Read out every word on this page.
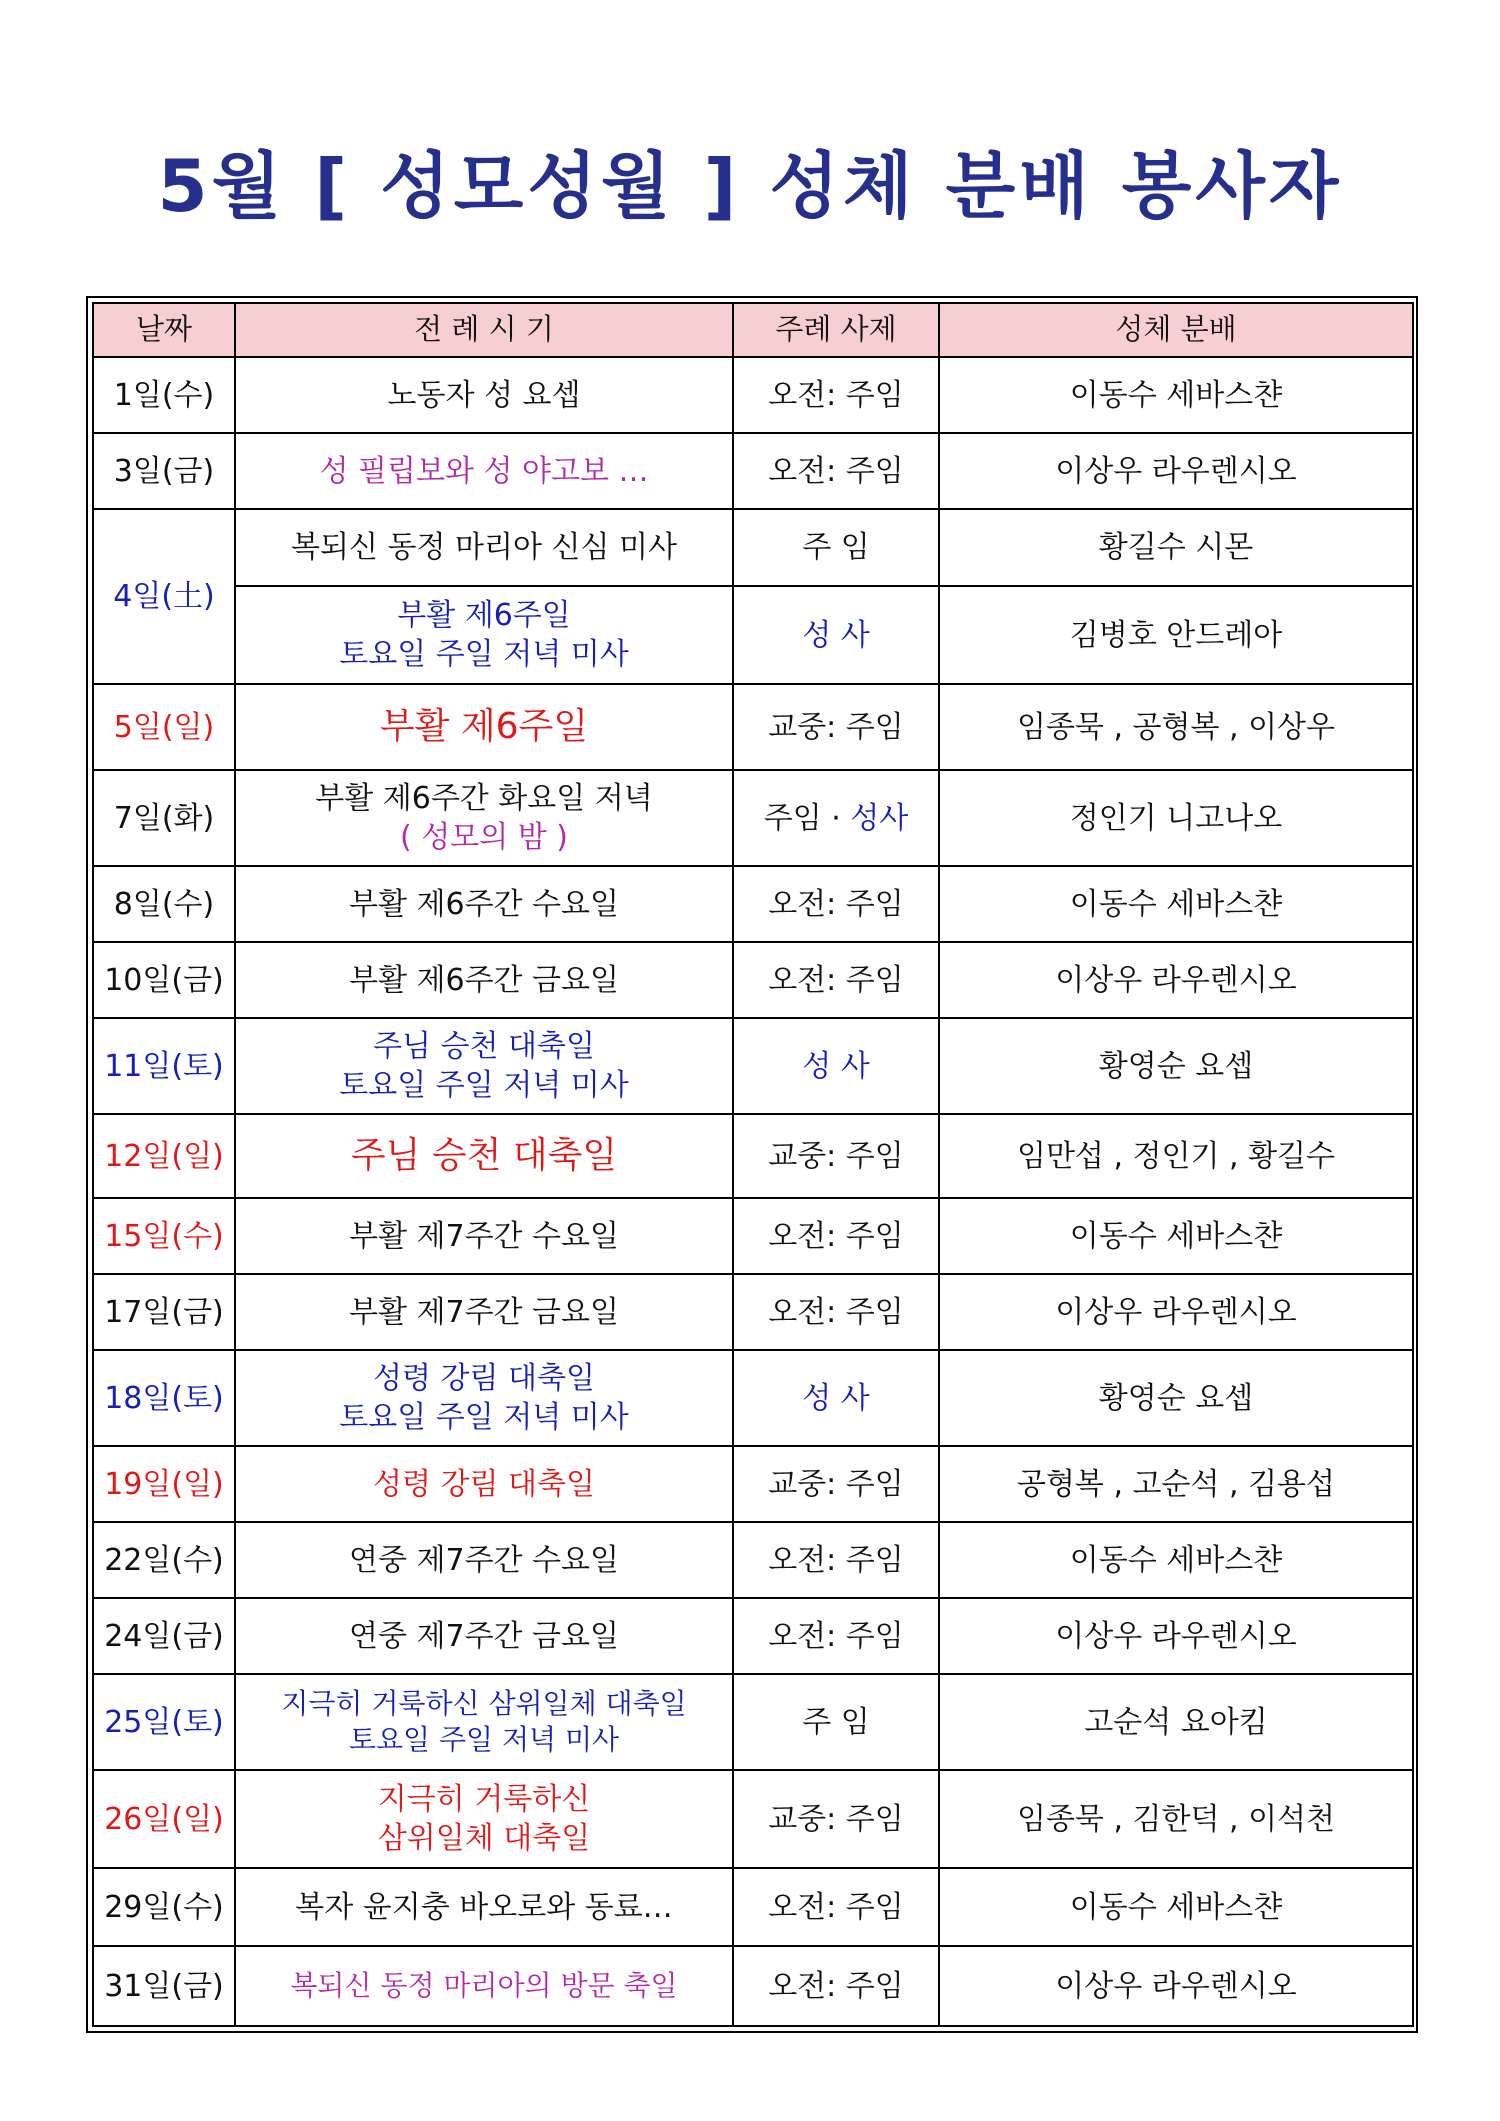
5월 [ 성모성월 ] 성체 분배 봉사자
날짜	전 례 시 기	주례 사제	성체 분배
1일(수)	노동자 성 요셉	오전: 주임	이동수 세바스챤
3일(금)	성 필립보와 성 야고보 …	오전: 주임	이상우 라우렌시오
4일(土)	복되신 동정 마리아 신심 미사	주 임	황길수 시몬

	부활 제6주일
토요일 주일 저녁 미사	성 사	김병호 안드레아
5일(일)	부활 제6주일	교중: 주임	임종묵 , 공형복 , 이상우
7일(화)	부활 제6주간 화요일 저녁
( 성모의 밤 )	주임 · 성사	정인기 니고나오
8일(수)	부활 제6주간 수요일	오전: 주임	이동수 세바스챤
10일(금)	부활 제6주간 금요일	오전: 주임	이상우 라우렌시오
11일(토)	주님 승천 대축일
토요일 주일 저녁 미사	성 사	황영순 요셉
12일(일)	주님 승천 대축일	교중: 주임	임만섭 , 정인기 , 황길수
15일(수)	부활 제7주간 수요일	오전: 주임	이동수 세바스챤
17일(금)	부활 제7주간 금요일	오전: 주임	이상우 라우렌시오
18일(토)	성령 강림 대축일
토요일 주일 저녁 미사	성 사	황영순 요셉
19일(일)	성령 강림 대축일	교중: 주임	공형복 , 고순석 , 김용섭
22일(수)	연중 제7주간 수요일	오전: 주임	이동수 세바스챤
24일(금)	연중 제7주간 금요일	오전: 주임	이상우 라우렌시오
25일(토)	지극히 거룩하신 삼위일체 대축일
토요일 주일 저녁 미사	주 임	고순석 요아킴
26일(일)	지극히 거룩하신
삼위일체 대축일	교중: 주임	임종묵 , 김한덕 , 이석천
29일(수)	복자 윤지충 바오로와 동료…	오전: 주임	이동수 세바스챤
31일(금)	복되신 동정 마리아의 방문 축일	오전: 주임	이상우 라우렌시오
